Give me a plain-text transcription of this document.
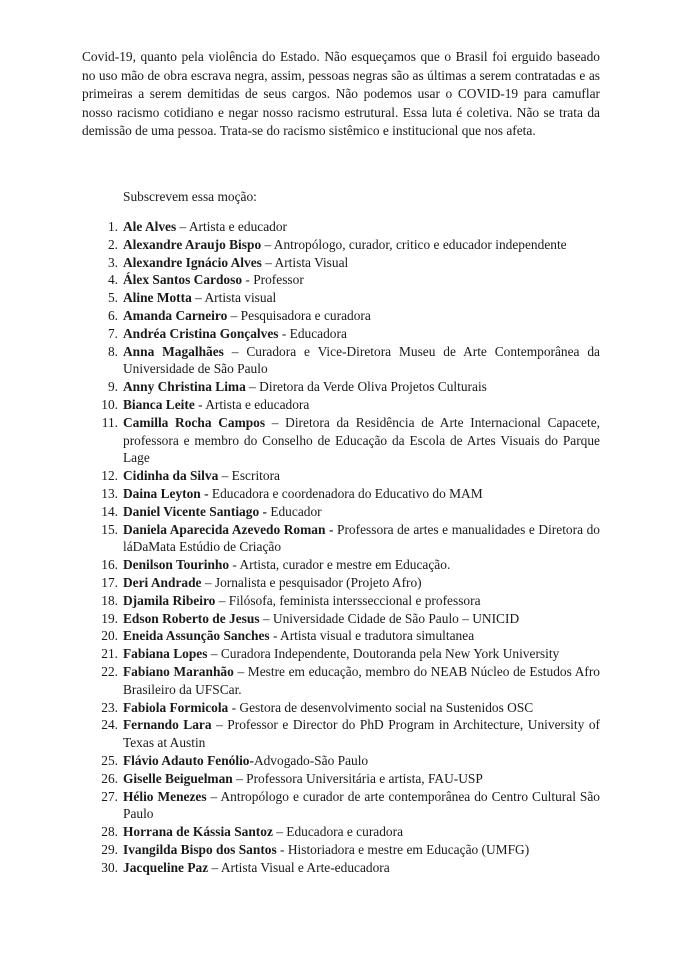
Covid-19, quanto pela violência do Estado. Não esqueçamos que o Brasil foi erguido baseado no uso mão de obra escrava negra, assim, pessoas negras são as últimas a serem contratadas e as primeiras a serem demitidas de seus cargos. Não podemos usar o COVID-19 para camuflar nosso racismo cotidiano e negar nosso racismo estrutural. Essa luta é coletiva. Não se trata da demissão de uma pessoa. Trata-se do racismo sistêmico e institucional que nos afeta.

Subscrevem essa moção:
1. Ale Alves – Artista e educador
2. Alexandre Araujo Bispo – Antropólogo, curador, critico e educador independente
3. Alexandre Ignácio Alves – Artista Visual
4. Álex Santos Cardoso - Professor
5. Aline Motta – Artista visual
6. Amanda Carneiro – Pesquisadora e curadora
7. Andréa Cristina Gonçalves - Educadora
8. Anna Magalhães – Curadora e Vice-Diretora Museu de Arte Contemporânea da Universidade de São Paulo
9. Anny Christina Lima – Diretora da Verde Oliva Projetos Culturais
10. Bianca Leite - Artista e educadora
11. Camilla Rocha Campos – Diretora da Residência de Arte Internacional Capacete, professora e membro do Conselho de Educação da Escola de Artes Visuais do Parque Lage
12. Cidinha da Silva – Escritora
13. Daina Leyton - Educadora e coordenadora do Educativo do MAM
14. Daniel Vicente Santiago - Educador
15. Daniela Aparecida Azevedo Roman - Professora de artes e manualidades e Diretora do láDaMata Estúdio de Criação
16. Denilson Tourinho - Artista, curador e mestre em Educação.
17. Deri Andrade – Jornalista e pesquisador (Projeto Afro)
18. Djamila Ribeiro – Filósofa, feminista intersseccional e professora
19. Edson Roberto de Jesus – Universidade Cidade de São Paulo – UNICID
20. Eneida Assunção Sanches - Artista visual e tradutora simultanea
21. Fabiana Lopes – Curadora Independente, Doutoranda pela New York University
22. Fabiano Maranhão – Mestre em educação, membro do NEAB Núcleo de Estudos Afro Brasileiro da UFSCar.
23. Fabiola Formicola - Gestora de desenvolvimento social na Sustenidos OSC
24. Fernando Lara – Professor e Director do PhD Program in Architecture, University of Texas at Austin
25. Flávio Adauto Fenólio-Advogado-São Paulo
26. Giselle Beiguelman – Professora Universitária e artista, FAU-USP
27. Hélio Menezes – Antropólogo e curador de arte contemporânea do Centro Cultural São Paulo
28. Horrana de Kássia Santoz – Educadora e curadora
29. Ivangilda Bispo dos Santos - Historiadora e mestre em Educação (UMFG)
30. Jacqueline Paz – Artista Visual e Arte-educadora
